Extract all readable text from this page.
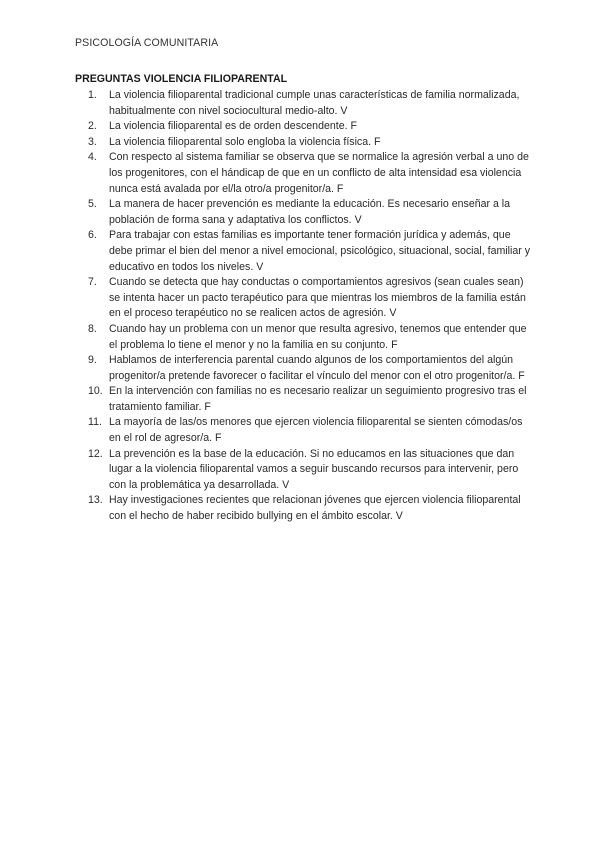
PSICOLOGÍA COMUNITARIA
PREGUNTAS VIOLENCIA FILIOPARENTAL
1.	La violencia filioparental tradicional cumple unas características de familia normalizada, habitualmente con nivel sociocultural medio-alto. V
2.	La violencia filioparental es de orden descendente. F
3.	La violencia filioparental solo engloba la violencia física. F
4.	Con respecto al sistema familiar se observa que se normalice la agresión verbal a uno de los progenitores, con el hándicap de que en un conflicto de alta intensidad esa violencia nunca está avalada por el/la otro/a progenitor/a. F
5.	La manera de hacer prevención es mediante la educación. Es necesario enseñar a la población de forma sana y adaptativa los conflictos. V
6.	Para trabajar con estas familias es importante tener formación jurídica y además, que debe primar el bien del menor a nivel emocional, psicológico, situacional, social, familiar y educativo en todos los niveles. V
7.	Cuando se detecta que hay conductas o comportamientos agresivos (sean cuales sean) se intenta hacer un pacto terapéutico para que mientras los miembros de la familia están en el proceso terapéutico no se realicen actos de agresión. V
8.	Cuando hay un problema con un menor que resulta agresivo, tenemos que entender que el problema lo tiene el menor y no la familia en su conjunto. F
9.	Hablamos de interferencia parental cuando algunos de los comportamientos del algún progenitor/a pretende favorecer o facilitar el vínculo del menor con el otro progenitor/a. F
10. En la intervención con familias no es necesario realizar un seguimiento progresivo tras el tratamiento familiar. F
11. La mayoría de las/os menores que ejercen violencia filioparental se sienten cómodas/os en el rol de agresor/a. F
12. La prevención es la base de la educación. Si no educamos en las situaciones que dan lugar a la violencia filioparental vamos a seguir buscando recursos para intervenir, pero con la problemática ya desarrollada. V
13. Hay investigaciones recientes que relacionan jóvenes que ejercen violencia filioparental con el hecho de haber recibido bullying en el ámbito escolar. V
